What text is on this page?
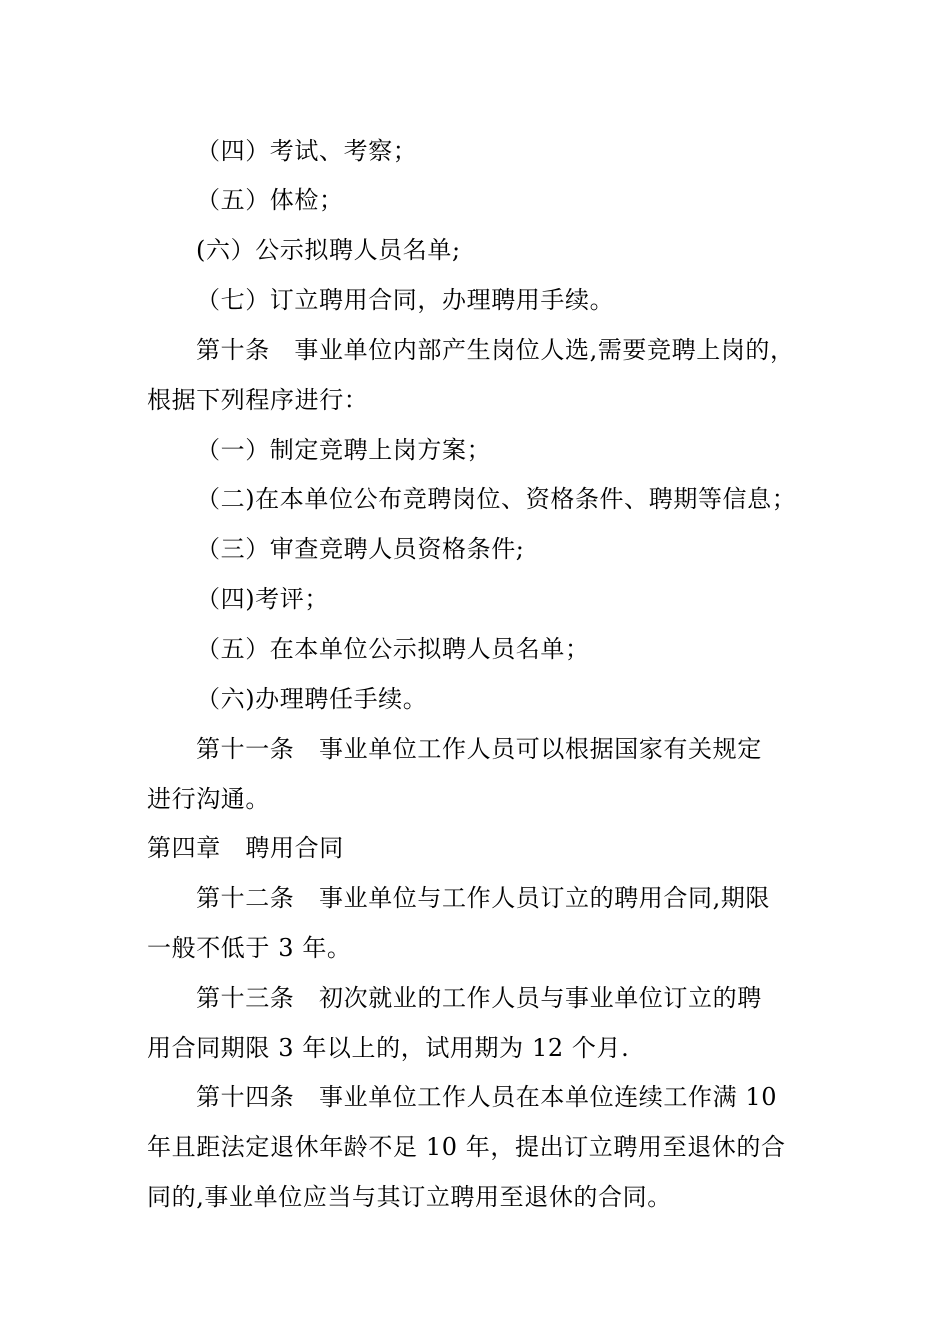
（四）考试、考察；
（五）体检；
(六）公示拟聘人员名单;
（七）订立聘用合同，办理聘用手续。
第十条　事业单位内部产生岗位人选,需要竞聘上岗的，
根据下列程序进行：
（一）制定竞聘上岗方案；
（二)在本单位公布竞聘岗位、资格条件、聘期等信息；
（三）审查竞聘人员资格条件;
（四)考评；
（五）在本单位公示拟聘人员名单；
（六)办理聘任手续。
第十一条　事业单位工作人员可以根据国家有关规定
进行沟通。
第四章　聘用合同
第十二条　事业单位与工作人员订立的聘用合同,期限
一般不低于 3 年。
第十三条　初次就业的工作人员与事业单位订立的聘
用合同期限 3 年以上的，试用期为 12 个月.
第十四条　事业单位工作人员在本单位连续工作满 10
年且距法定退休年龄不足 10 年，提出订立聘用至退休的合
同的,事业单位应当与其订立聘用至退休的合同。
